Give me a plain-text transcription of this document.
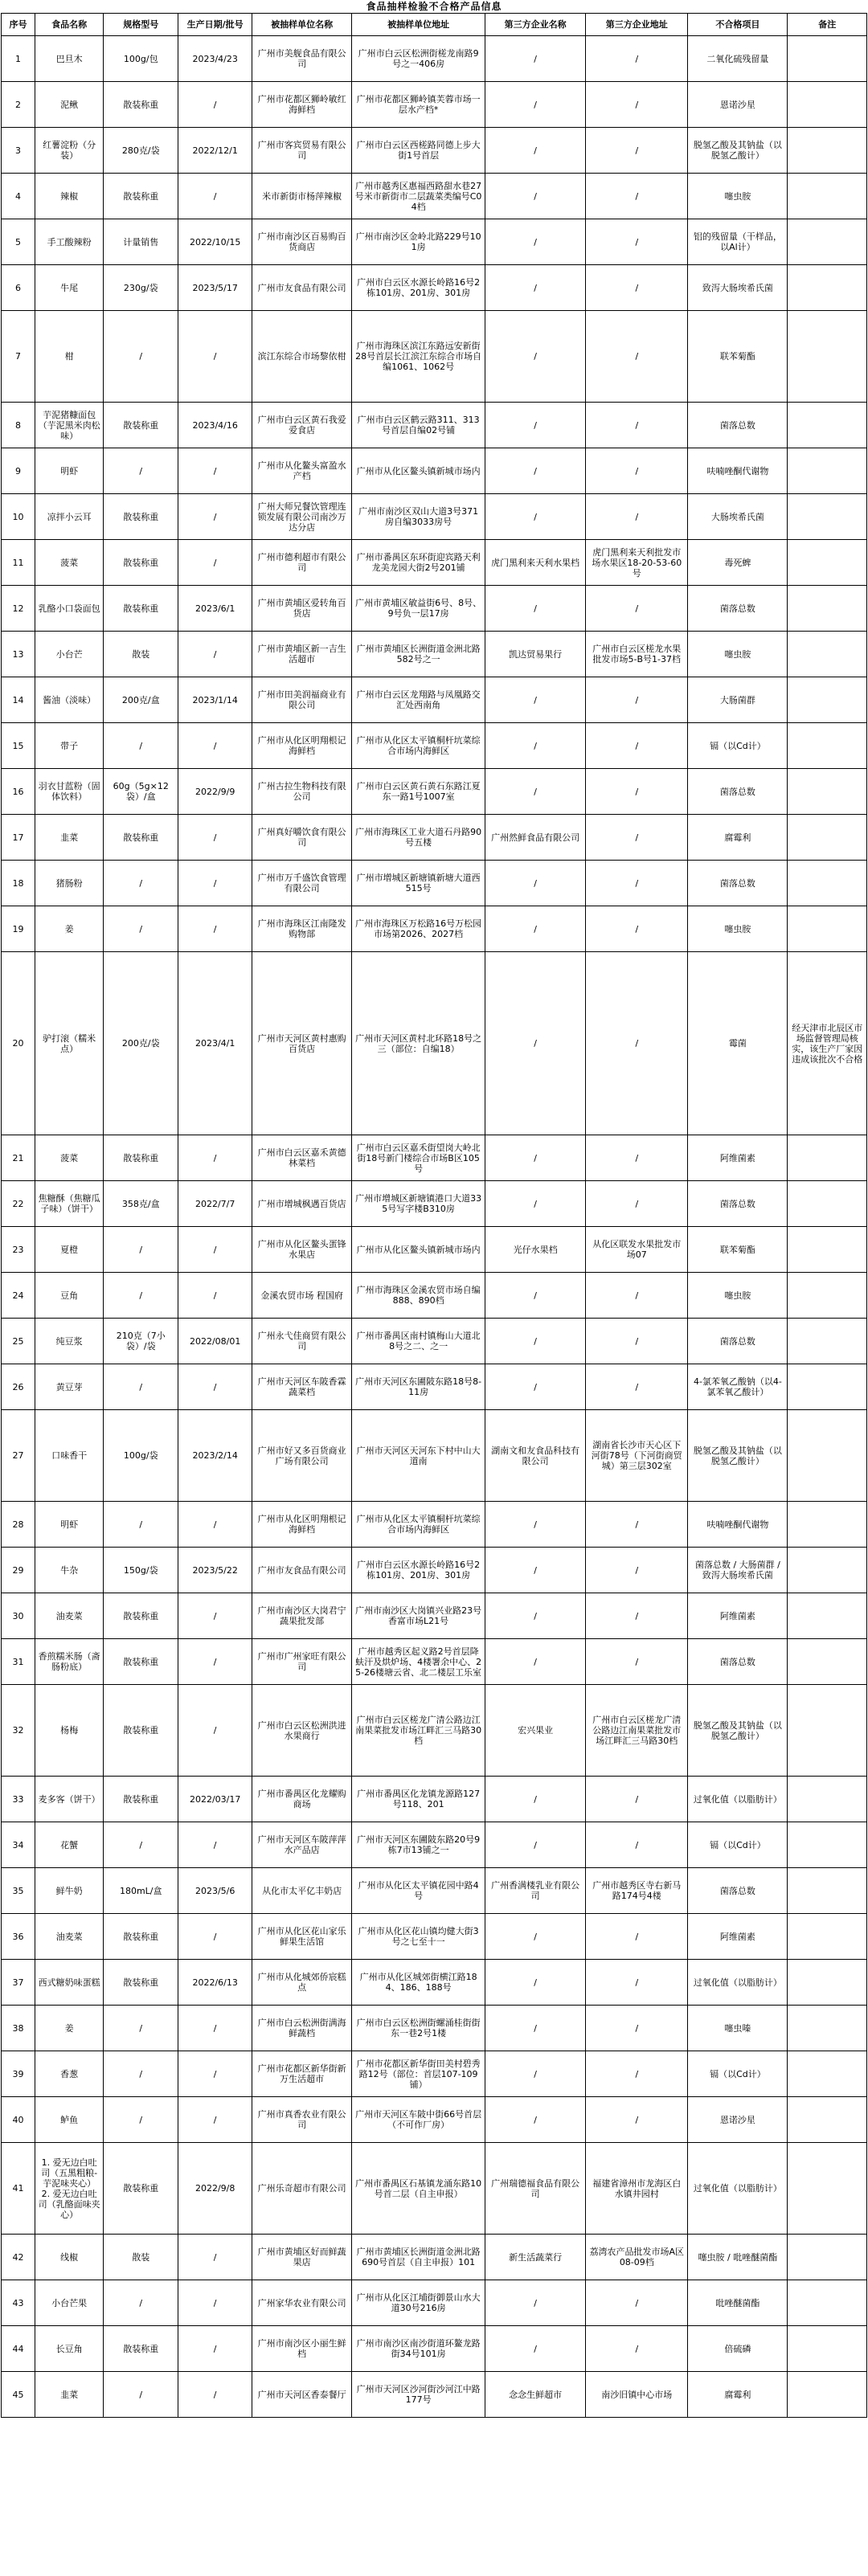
食品抽样检验不合格产品信息
序号	食品名称	规格型号	生产日期/批号	被抽样单位名称	被抽样单位地址	第三方企业名称	第三方企业地址	不合格项目	备注
1	巴旦木	100g/包	2023/4/23	广州市美舰食品有限公司	广州市白云区松洲街槎龙南路9号之一406房	/	/	二氧化硫残留量	
2	泥鳅	散装称重	/	广州市花都区狮岭敏红海鲜档	广州市花都区狮岭镇芙蓉市场一层水产档*	/	/	恩诺沙星	
3	红薯淀粉（分装）	280克/袋	2022/12/1	广州市客宾贸易有限公司	广州市白云区西槎路同德上步大街1号首层	/	/	脱氢乙酸及其钠盐（以脱氢乙酸计）	
4	辣椒	散装称重	/	米市新街市杨萍辣椒	广州市越秀区惠福西路甜水巷27号米市新街市二层蔬菜类编号C04档	/	/	噻虫胺	
5	手工酸辣粉	计量销售	2022/10/15	广州市南沙区百易购百货商店	广州市南沙区金岭北路229号101房	/	/	铝的残留量（干样品，以Al计）	
6	牛尾	230g/袋	2023/5/17	广州市友食品有限公司	广州市白云区水源长岭路16号2栋101房、201房、301房	/	/	致泻大肠埃希氏菌	
7	柑	/	/	滨江东综合市场黎依柑	广州市海珠区滨江东路远安新街28号首层长江滨江东综合市场自编1061、1062号	/	/	联苯菊酯	
8	芋泥猪糠面包（芋泥黑米肉松味）	散装称重	2023/4/16	广州市白云区黄石我爱爱食店	广州市白云区鹤云路311、313号首层自编02号铺	/	/	菌落总数	
9	明虾	/	/	广州市从化鳌头富盈水产档	广州市从化区鳌头镇新城市场内	/	/	呋喃唑酮代谢物	
10	凉拌小云耳	散装称重	/	广州大师兄餐饮管理连锁发展有限公司南沙万达分店	广州市南沙区双山大道3号371房自编3033房号	/	/	大肠埃希氏菌	
11	菠菜	散装称重	/	广州市德利超市有限公司	广州市番禺区东环街迎宾路天利龙美龙园大街2号201铺	虎门黑利来天利水果档	虎门黑利来天利批发市场水果区18-20-53-60号	毒死蜱	
12	乳酪小口袋面包	散装称重	2023/6/1	广州市黄埔区爱转角百货店	广州市黄埔区敏益街6号、8号、9号负一层17房	/	/	菌落总数	
13	小台芒	散装	/	广州市黄埔区新一吉生活超市	广州市黄埔区长洲街道金洲北路582号之一	凯达贸易果行	广州市白云区槎龙水果批发市场5-B号1-37档	噻虫胺	
14	酱油（淡味）	200克/盒	2023/1/14	广州市田美润福商业有限公司	广州市白云区龙翔路与凤凰路交汇处西南角	/	/	大肠菌群	
15	带子	/	/	广州市从化区明翔根记海鲜档	广州市从化区太平镇桐杆坑菜综合市场内海鲜区	/	/	镉（以Cd计）	
16	羽衣甘蓝粉（固体饮料）	60g（5g×12袋）/盒	2022/9/9	广州古拉生物科技有限公司	广州市白云区黄石黄石东路江夏东一路1号1007室	/	/	菌落总数	
17	韭菜	散装称重	/	广州真好嚼饮食有限公司	广州市海珠区工业大道石丹路90号五楼	广州然鲜食品有限公司	/	腐霉利	
18	猪肠粉	/	/	广州市万千盛饮食管理有限公司	广州市增城区新塘镇新塘大道西515号	/	/	菌落总数	
19	姜	/	/	广州市海珠区江南隆发购物部	广州市海珠区万松路16号万松园市场第2026、2027档	/	/	噻虫胺	
20	驴打滚（糯米点）	200克/袋	2023/4/1	广州市天河区黄村惠购百货店	广州市天河区黄村北环路18号之三（部位：自编18）	/	/	霉菌	经天津市北辰区市场监督管理局核实，该生产厂家因违成该批次不合格
21	菠菜	散装称重	/	广州市白云区嘉禾黄德林菜档	广州市白云区嘉禾街望岗大岭北街18号新门楼综合市场B区105号	/	/	阿维菌素	
22	焦糖酥（焦糖瓜子味）（饼干）	358克/盒	2022/7/7	广州市增城枫遇百货店	广州市增城区新塘镇港口大道335号写字楼B310房	/	/	菌落总数	
23	夏橙	/	/	广州市从化区鳌头蛋锋水果店	广州市从化区鳌头镇新城市场内	光仔水果档	从化区联发水果批发市场07	联苯菊酯	
24	豆角	/	/	金溪农贸市场 程国府	广州市海珠区金溪农贸市场自编888、890档	/	/	噻虫胺	
25	纯豆浆	210克（7小袋）/袋	2022/08/01	广州永弋佳商贸有限公司	广州市番禺区南村镇梅山大道北8号之二、之一	/	/	菌落总数	
26	黄豆芽	/	/	广州市天河区车陂香霖蔬菜档	广州市天河区东圃陂东路18号8-11房	/	/	4-氯苯氧乙酸钠（以4-氯苯氧乙酸计）	
27	口味香干	100g/袋	2023/2/14	广州市好又多百货商业广场有限公司	广州市天河区天河东下村中山大道南	湖南文和友食品科技有限公司	湖南省长沙市天心区下河街78号（下河街商贸城）第三层302室	脱氢乙酸及其钠盐（以脱氢乙酸计）	
28	明虾	/	/	广州市从化区明翔根记海鲜档	广州市从化区太平镇桐杆坑菜综合市场内海鲜区	/	/	呋喃唑酮代谢物	
29	牛杂	150g/袋	2023/5/22	广州市友食品有限公司	广州市白云区水源长岭路16号2栋101房、201房、301房	/	/	菌落总数 / 大肠菌群 / 致泻大肠埃希氏菌	
30	油麦菜	散装称重	/	广州市南沙区大岗君宁蔬果批发部	广州市南沙区大岗镇兴业路23号香富市场L21号	/	/	阿维菌素	
31	香煎糯米肠（斋肠粉底）	散装称重	/	广州市广州家旺有限公司	广州市越秀区起义路2号首层降蚨汗及烘炉场、4楼署余中心、25-26楼塘云省、北二楼层工乐室	/	/	菌落总数	
32	杨梅	散装称重	/	广州市白云区松洲洪进水果商行	广州市白云区槎龙广清公路边江南果菜批发市场江畔汇三马路30档	宏兴果业	广州市白云区槎龙广清公路边江南果菜批发市场江畔汇三马路30档	脱氢乙酸及其钠盐（以脱氢乙酸计）	
33	麦多客（饼干）	散装称重	2022/03/17	广州市番禺区化龙耀购商场	广州市番禺区化龙镇龙源路127号118、201	/	/	过氧化值（以脂肪计）	
34	花蟹	/	/	广州市天河区车陂萍萍水产品店	广州市天河区东圃陂东路20号9栋7市13铺之一	/	/	镉（以Cd计）	
35	鲜牛奶	180mL/盒	2023/5/6	从化市太平亿丰奶店	广州市从化区太平镇花园中路4号	广州香满楼乳业有限公司	广州市越秀区寺右新马路174号4楼	菌落总数	
36	油麦菜	散装称重	/	广州市从化区花山家乐鲜果生活馆	广州市从化区花山镇均健大街3号之七至十一	/	/	阿维菌素	
37	西式糖奶味蛋糕	散装称重	2022/6/13	广州市从化城郊侨宸糕点	广州市从化区城郊街横江路184、186、188号	/	/	过氧化值（以脂肪计）	
38	姜	/	/	广州市白云松洲街满海鲜蔬档	广州市白云区松洲街螺涌桂街街东一巷2号1楼	/	/	噻虫嗪	
39	香葱	/	/	广州市花都区新华街新万生活超市	广州市花都区新华街田美村碧秀路12号（部位：首层107-109铺）	/	/	镉（以Cd计）	
40	鲈鱼	/	/	广州市真香农业有限公司	广州市天河区车陂中街66号首层（不可作厂房）	/	/	恩诺沙星	
41	1. 爱无边白吐司（五黑粗粮-芋泥味夹心） 2. 爱无边白吐司（乳酪面味夹心）	散装称重	2022/9/8	广州乐奇超市有限公司	广州市番禺区石基镇龙涌东路10号首二层（自主申报）	广州瑞德福食品有限公司	福建省漳州市龙海区白水镇井园村	过氧化值（以脂肪计）	
42	线椒	散装	/	广州市黄埔区好而鲜蔬果店	广州市黄埔区长洲街道金洲北路690号首层（自主申报）101	新生活蔬菜行	荔湾农产品批发市场A区08-09档	噻虫胺 / 吡唑醚菌酯	
43	小台芒果	/	/	广州家华农业有限公司	广州市从化区江埔街御景山水大道30号216房	/	/	吡唑醚菌酯	
44	长豆角	散装称重	/	广州市南沙区小丽生鲜档	广州市南沙区南沙街道环鳌龙路街34号101房	/	/	倍硫磷	
45	韭菜	/	/	广州市天河区香泰餐厅	广州市天河区沙河街沙河江中路177号	念念生鲜超市	南沙旧镇中心市场	腐霉利	
